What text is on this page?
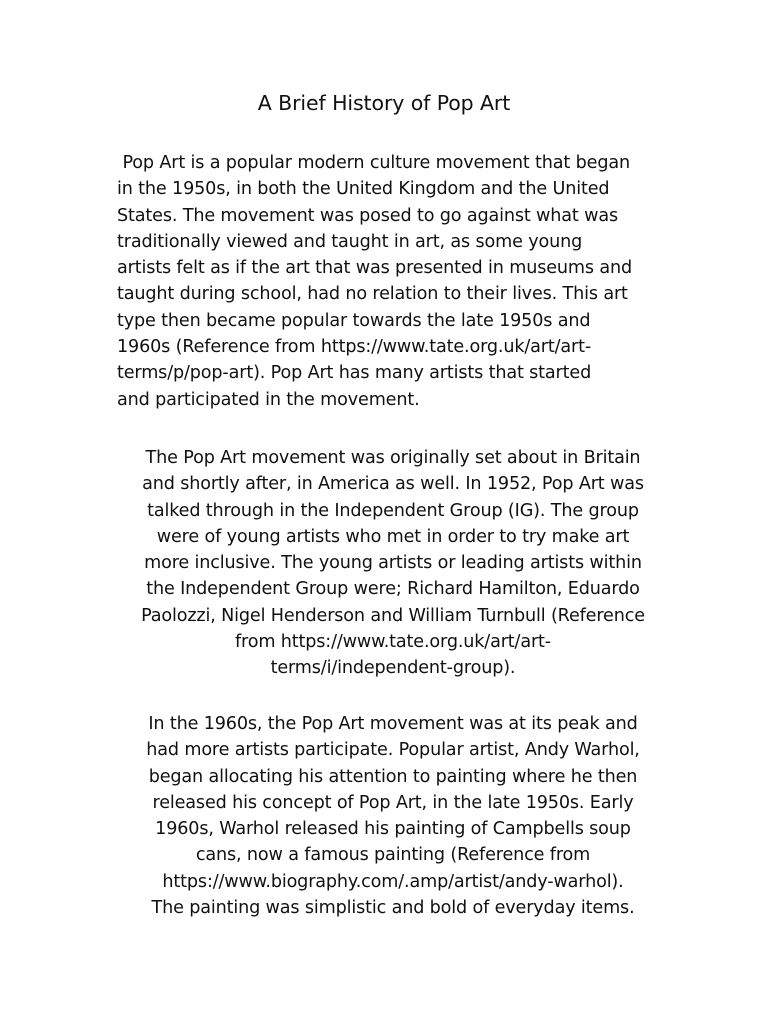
A Brief History of Pop Art

Pop Art is a popular modern culture movement that began
in the 1950s, in both the United Kingdom and the United
States. The movement was posed to go against what was
traditionally viewed and taught in art, as some young
artists felt as if the art that was presented in museums and
taught during school, had no relation to their lives. This art
type then became popular towards the late 1950s and
1960s (Reference from https://www.tate.org.uk/art/art-
terms/p/pop-art). Pop Art has many artists that started
and participated in the movement.

The Pop Art movement was originally set about in Britain
and shortly after, in America as well. In 1952, Pop Art was
talked through in the Independent Group (IG). The group
were of young artists who met in order to try make art
more inclusive. The young artists or leading artists within
the Independent Group were; Richard Hamilton, Eduardo
Paolozzi, Nigel Henderson and William Turnbull (Reference
from https://www.tate.org.uk/art/art-
terms/i/independent-group).

In the 1960s, the Pop Art movement was at its peak and
had more artists participate. Popular artist, Andy Warhol,
began allocating his attention to painting where he then
released his concept of Pop Art, in the late 1950s. Early
1960s, Warhol released his painting of Campbells soup
cans, now a famous painting (Reference from
https://www.biography.com/.amp/artist/andy-warhol).
The painting was simplistic and bold of everyday items.
